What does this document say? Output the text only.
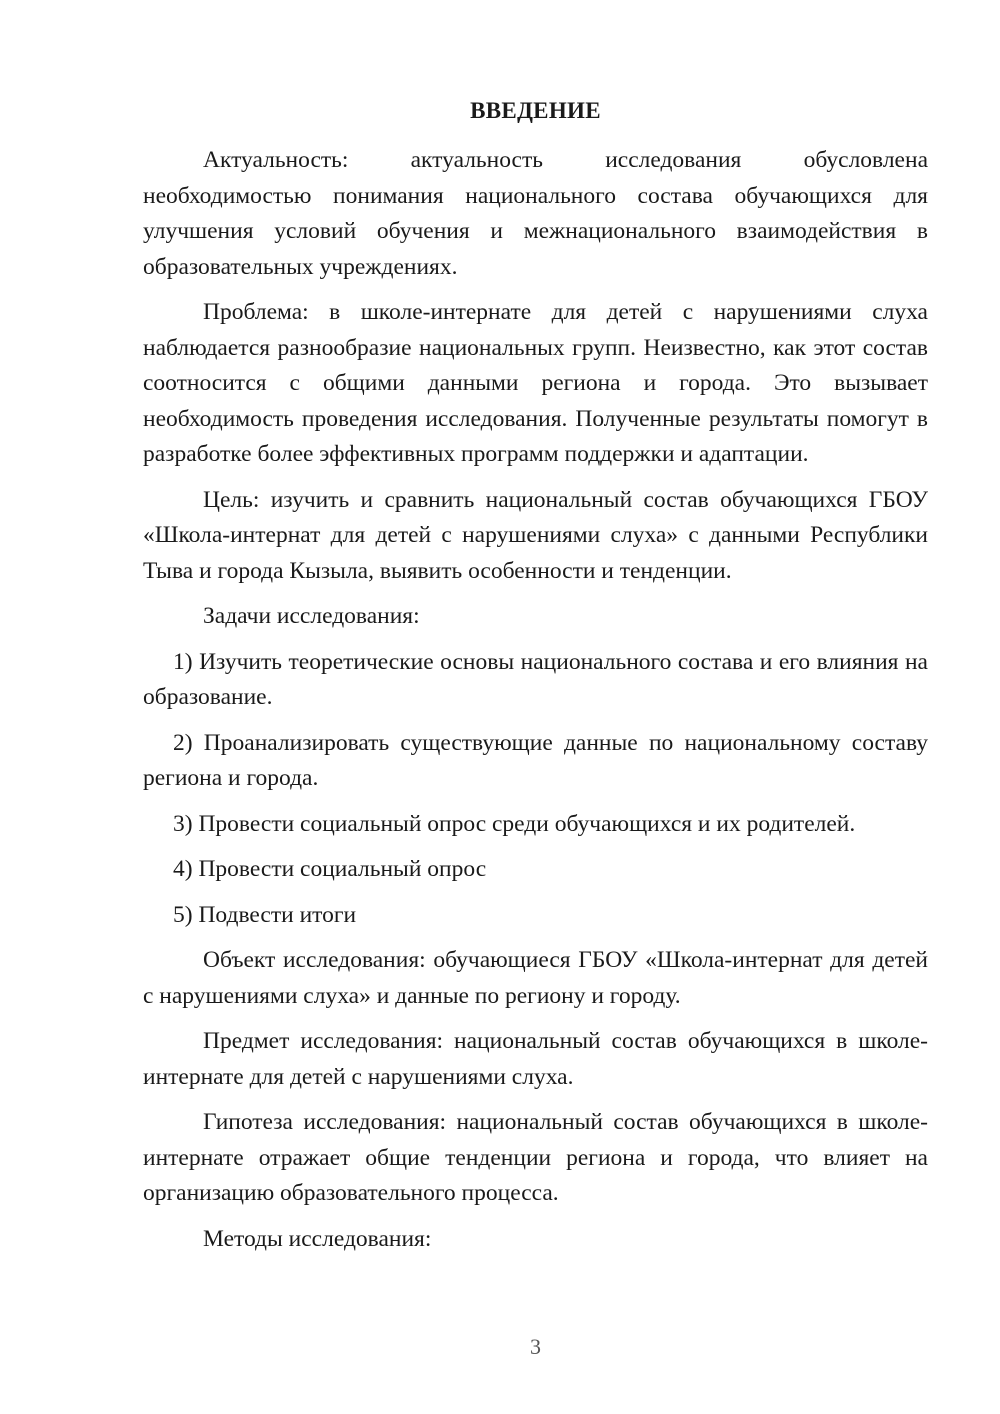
ВВЕДЕНИЕ

Актуальность: актуальность исследования обусловлена необходимостью понимания национального состава обучающихся для улучшения условий обучения и межнационального взаимодействия в образовательных учреждениях.

Проблема: в школе-интернате для детей с нарушениями слуха наблюдается разнообразие национальных групп. Неизвестно, как этот состав соотносится с общими данными региона и города. Это вызывает необходимость проведения исследования. Полученные результаты помогут в разработке более эффективных программ поддержки и адаптации.

Цель: изучить и сравнить национальный состав обучающихся ГБОУ «Школа-интернат для детей с нарушениями слуха» с данными Республики Тыва и города Кызыла, выявить особенности и тенденции.

Задачи исследования:

1) Изучить теоретические основы национального состава и его влияния на образование.

2) Проанализировать существующие данные по национальному составу региона и города.

3) Провести социальный опрос среди обучающихся и их родителей.

4) Провести социальный опрос

5) Подвести итоги

Объект исследования: обучающиеся ГБОУ «Школа-интернат для детей с нарушениями слуха» и данные по региону и городу.

Предмет исследования: национальный состав обучающихся в школе-интернате для детей с нарушениями слуха.

Гипотеза исследования: национальный состав обучающихся в школе-интернате отражает общие тенденции региона и города, что влияет на организацию образовательного процесса.

Методы исследования:

3
